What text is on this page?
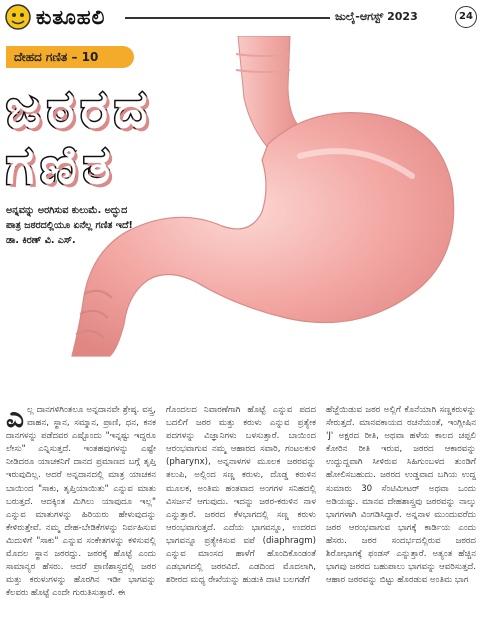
ಕುತೂಹಲಿ	ಜುಲೈ-ಆಗಸ್ಟ್ 2023	24
ದೇಹದ ಗಣಿತ – 10
ಜಠರದ
ಗಣಿತ
ಅನ್ನವನ್ನು ಅರಗಿಸುವ ಕುಲುಮೆ. ಅದ್ಭುದ
ಪಾತ್ರ ಜಠರದಲ್ಲಿಯೂ ಏನೆಲ್ಲ ಗಣಿತ ಇದೆ!
ಡಾ. ಕಿರಣ್ ವಿ. ಎಸ್.
ಎಲ್ಲ ದಾನಗಳಿಗಿಂತಲೂ ಅನ್ನದಾನವೇ ಶ್ರೇಷ್ಠ. ವಸ್ತ್ರ, ವಾಹನ, ಸ್ಥಾನ, ಸಮ್ಮಾನ, ಪ್ರಾಣಿ, ಧನ, ಕನಕ ದಾನಗಳನ್ನು ಪಡೆದವರ ಎಷ್ಟೊಂದು "ಇನ್ನಷ್ಟು ಇದ್ದರೂ ಲೇಸು" ಎನ್ನಿಸುತ್ತದೆ. ಇಂತಹವುಗಳನ್ನು ಎಷ್ಟೇ ನೀಡಿದರೂ ಯಾಚಕನಿಗೆ ದಾನದ ಪ್ರಮಾಣದ ಬಗ್ಗೆ ತೃಪ್ತಿ ಇರುವುದಿಲ್ಲ. ಆದರೆ ಅನ್ನದಾನದಲ್ಲಿ ಮಾತ್ರ ಯಾಚಕನ ಬಾಯಿಂದ "ಸಾಕು, ತೃಪ್ತಿಯಾಯಿತು" ಎನ್ನುವ ಮಾತು ಬರುತ್ತದೆ. ಆದಕ್ಕಿಂತ ಮಿಗಿಲು ಯಾವುದೂ ಇಲ್ಲ" ಎನ್ನುವ ಮಾತುಗಳನ್ನು ಹಿರಿಯರು ಹೇಳುವುದನ್ನು ಕೇಳಿರುತ್ತೇವೆ. ನಮ್ಮ ದೇಹ-ಬೇಡಿಕೆಗಳನ್ನು ನಿರ್ವಹಿಸುವ ಮಿದುಳಿಗೆ "ಸಾಕು" ಎನ್ನುವ ಸಂಕೇತಗಳನ್ನು ಕಳಿಸುವಲ್ಲಿ ಮೊದಲ ಸ್ಥಾನ ಜಠರದ್ದು. ಜಠರಕ್ಕೆ ಹೊಟ್ಟೆ ಎಂದು ಸಾಮಾನ್ಯರ ಹೆಸರು. ಆದರೆ ಪ್ರಾಣಿಶಾಸ್ತ್ರದಲ್ಲಿ ಜಠರ ಮತ್ತು ಕರುಳುಗಳನ್ನು ಹೊರಗಿನ ಇಡೀ ಭಾಗವನ್ನು ಕೆಲವರು ಹೊಟ್ಟೆ ಎಂದೇ ಗುರುತಿಸುತ್ತಾರೆ. ಈ
ಗೊಂದಲದ ನಿವಾರಣೆಗಾಗಿ ಹೊಟ್ಟೆ ಎನ್ನುವ ಪದದ ಬದಲಿಗೆ ಜಠರ ಮತ್ತು ಕರುಳು ಎನ್ನುವ ಪ್ರತ್ಯೇಕ ಪದಗಳನ್ನು ವಿಜ್ಞಾನಿಗಳು ಬಳಸುತ್ತಾರೆ. ಬಾಯಿಂದ ಆರಂಭವಾಗುವ ನಮ್ಮ ಆಹಾರದ ಸವಾರಿ, ಗಂಟಲಕುಳಿ (pharynx), ಅನ್ನನಾಳಗಳ ಮೂಲಕ ಜಠರವನ್ನು ತಲುಪಿ, ಅಲ್ಲಿಂದ ಸಣ್ಣ ಕರುಳು, ದೊಡ್ಡ ಕರುಳಿನ ಮೂಲಕ, ಅಂತಿಮ ಹಂತವಾದ ಅಂಗಗಳ ಸನಿಹದಲ್ಲಿ ವಿಸರ್ಜನೆ ಆಗುವುದು. ಇದನ್ನು ಜಠರ-ಕರುಳಿನ ನಾಳ ಎನ್ನುತ್ತಾರೆ. ಜಠರದ ಕೆಳಭಾಗದಲ್ಲಿ ಸಣ್ಣ ಕರುಳು ಆರಂಭವಾಗುತ್ತದೆ. ಎದೆಯ ಭಾಗವನ್ನೂ, ಉದರದ ಭಾಗವನ್ನೂ ಪ್ರತ್ಯೇಕಿಸುವ ವಪೆ (diaphragm) ಎನ್ನುವ ಮಾಂಸದ ಹಾಳೆಗೆ ಹೊಂದಿಕೊಂಡಂತೆ ಎಡಭಾಗದಲ್ಲಿ ಜಠರವಿದೆ. ಎಡದಿಂದ ಮೊದಲಾಗಿ, ಶರೀರದ ಮಧ್ಯ ರೇಖೆಯನ್ನು ಹುಡುಕಿ ದಾಟಿ ಬಲಗಡೆಗೆ
ಹೆಜ್ಜೆಯಿಡುವ ಜಠರ ಅಲ್ಲಿಗೆ ಕೊನೆಯಾಗಿ ಸಣ್ಣಕರುಳನ್ನು ಸೇರುತ್ತದೆ. ಮಾನವಕಾಯದ ರಚನೆಯಂತೆ, ಇಂಗ್ಲೀಷಿನ 'J' ಅಕ್ಷರದ ರೀತಿ, ಅಥವಾ ಹಳೆಯ ಕಾಲದ ಚಪ್ಪಲಿ ಕೋರಿನ ರೀತಿ ಇರುವ, ಜಠರದ ಆಕಾರವನ್ನು ಉದ್ದುದ್ದವಾಗಿ ಸೀಳಿರುವ ಸಿಹಿಗುಂಬಳದ ತುಂಡಿಗೆ ಹೋಲಿಸಬಹುದು. ಜಠರದ ಉಡ್ಡವಾದ ಬಗಿಯ ಉದ್ದ ಸುಮಾರು 30 ಸೆಂಟಿಮೀಟರ್ ಅಥವಾ ಒಂದು ಅಡಿಯಷ್ಟು. ಮಾನವ ದೇಹಶಾಸ್ತ್ರವು ಜಠರವನ್ನು ನಾಲ್ಕು ಭಾಗಗಳಾಗಿ ವಿಂಗಡಿಸಿದ್ದಾರೆ. ಅನ್ನನಾಳ ಮುಂದುವರೆದು ಜಠರ ಆರಂಭವಾಗುವ ಭಾಗಕ್ಕೆ ಕಾರ್ಡಿಯ ಎಂದು ಹೆಸರು. ಜಠರ ಸಂದರ್ಭದಲ್ಲಿರುವ ಜಠರದ ಶಿರೋಭಾಗಕ್ಕೆ ಫಂಡಸ್ ಎನ್ನುತ್ತಾರೆ. ಅತ್ಯಂತ ಹೆಚ್ಚಿನ ಭಾಗವು ಜಠರದ ಬಹುಪಾಲು ಭಾಗವನ್ನು ಆವರಿಸುತ್ತದೆ. ಆಹಾರ ಜಠರವನ್ನು ಬಿಟ್ಟು ಹೊರಡುವ ಅಂತಿಮ ಭಾಗ
